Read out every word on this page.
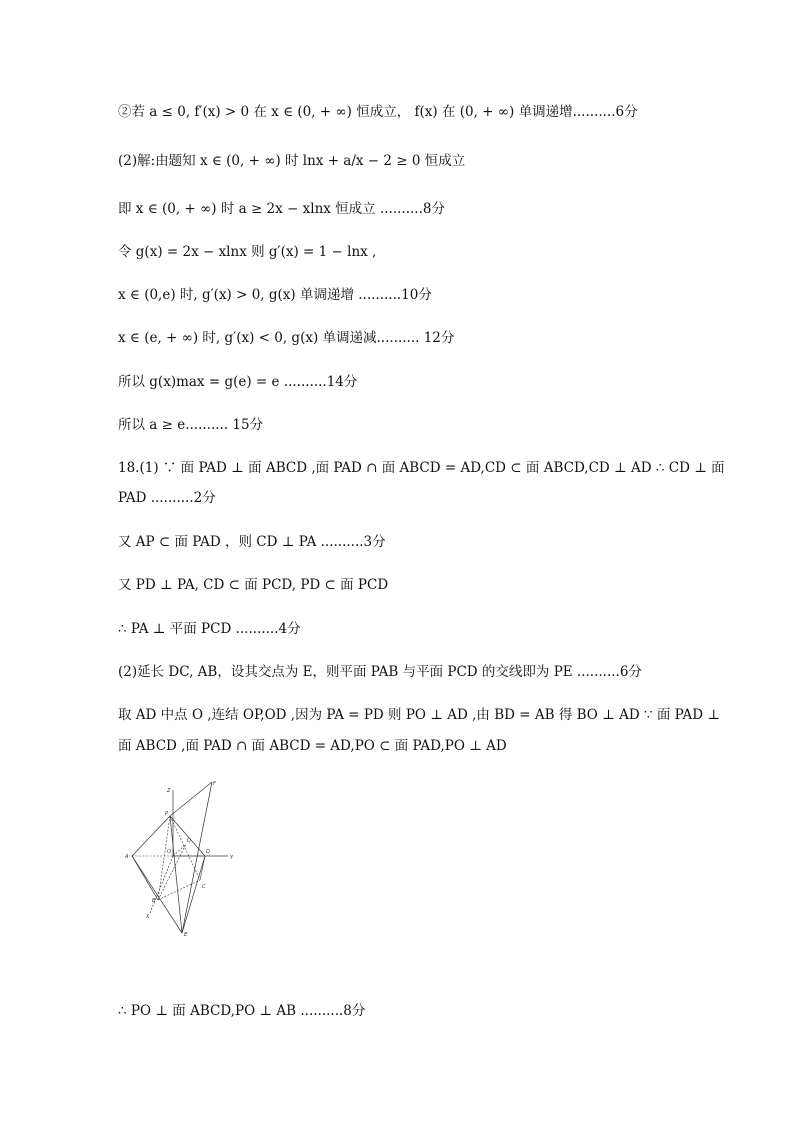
②若 a ≤ 0, f′(x) > 0 在 x ∈ (0, + ∞) 恒成立， f(x) 在 (0, + ∞) 单调递增..........6分
(2)解:由题知 x ∈ (0, + ∞) 时 lnx + a/x − 2 ≥ 0 恒成立
即 x ∈ (0, + ∞) 时 a ≥ 2x − xlnx 恒成立 ..........8分
令 g(x) = 2x − xlnx 则 g′(x) = 1 − lnx ,
x ∈ (0,e) 时, g′(x) > 0, g(x) 单调递增 ..........10分
x ∈ (e, + ∞) 时, g′(x) < 0, g(x) 单调递减.......... 12分
所以 g(x)max = g(e) = e ..........14分
所以 a ≥ e.......... 15分
18.(1) ∵ 面 PAD ⊥ 面 ABCD ,面 PAD ∩ 面 ABCD = AD,CD ⊂ 面 ABCD,CD ⊥ AD ∴ CD ⊥ 面
PAD ..........2分
又 AP ⊂ 面 PAD ，则 CD ⊥ PA ..........3分
又 PD ⊥ PA, CD ⊂ 面 PCD, PD ⊂ 面 PCD
∴ PA ⊥ 平面 PCD ..........4分
(2)延长 DC, AB，设其交点为 E，则平面 PAB 与平面 PCD 的交线即为 PE ..........6分
取 AD 中点 O ,连结 OP,OD ,因为 PA = PD 则 PO ⊥ AD ,由 BD = AB 得 BO ⊥ AD ∵ 面 PAD ⊥
面 ABCD ,面 PAD ∩ 面 ABCD = AD,PO ⊂ 面 PAD,PO ⊥ AD
∴ PO ⊥ 面 ABCD,PO ⊥ AB ..........8分
Z
F
P
Q
A
O	D
Y
C
B
X
E
